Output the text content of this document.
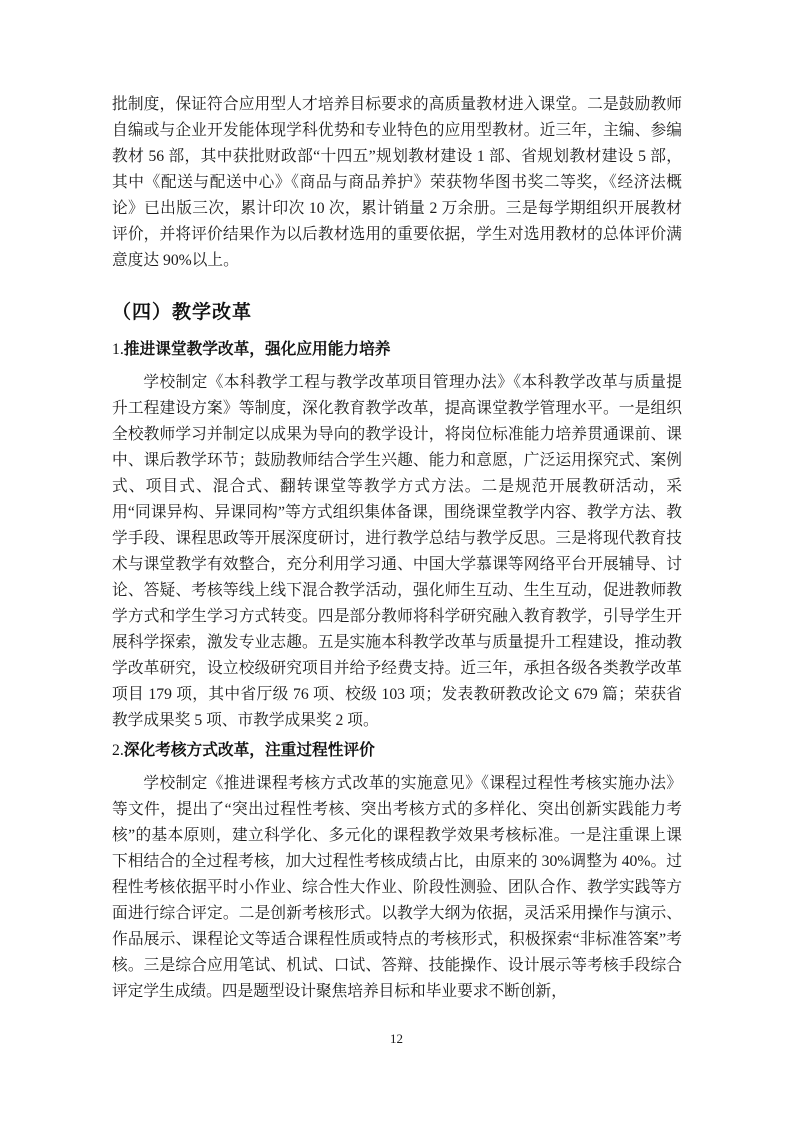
批制度，保证符合应用型人才培养目标要求的高质量教材进入课堂。二是鼓励教师自编或与企业开发能体现学科优势和专业特色的应用型教材。近三年，主编、参编教材 56 部，其中获批财政部“十四五”规划教材建设 1 部、省规划教材建设 5 部，其中《配送与配送中心》《商品与商品养护》荣获物华图书奖二等奖，《经济法概论》已出版三次，累计印次 10 次，累计销量 2 万余册。三是每学期组织开展教材评价，并将评价结果作为以后教材选用的重要依据，学生对选用教材的总体评价满意度达 90%以上。

（四）教学改革
1.推进课堂教学改革，强化应用能力培养

学校制定《本科教学工程与教学改革项目管理办法》《本科教学改革与质量提升工程建设方案》等制度，深化教育教学改革，提高课堂教学管理水平。一是组织全校教师学习并制定以成果为导向的教学设计，将岗位标准能力培养贯通课前、课中、课后教学环节；鼓励教师结合学生兴趣、能力和意愿，广泛运用探究式、案例式、项目式、混合式、翻转课堂等教学方式方法。二是规范开展教研活动，采用“同课异构、异课同构”等方式组织集体备课，围绕课堂教学内容、教学方法、教学手段、课程思政等开展深度研讨，进行教学总结与教学反思。三是将现代教育技术与课堂教学有效整合，充分利用学习通、中国大学慕课等网络平台开展辅导、讨论、答疑、考核等线上线下混合教学活动，强化师生互动、生生互动，促进教师教学方式和学生学习方式转变。四是部分教师将科学研究融入教育教学，引导学生开展科学探索，激发专业志趣。五是实施本科教学改革与质量提升工程建设，推动教学改革研究，设立校级研究项目并给予经费支持。近三年，承担各级各类教学改革项目 179 项，其中省厅级 76 项、校级 103 项；发表教研教改论文 679 篇；荣获省教学成果奖 5 项、市教学成果奖 2 项。

2.深化考核方式改革，注重过程性评价

学校制定《推进课程考核方式改革的实施意见》《课程过程性考核实施办法》等文件，提出了“突出过程性考核、突出考核方式的多样化、突出创新实践能力考核”的基本原则，建立科学化、多元化的课程教学效果考核标准。一是注重课上课下相结合的全过程考核，加大过程性考核成绩占比，由原来的 30%调整为 40%。过程性考核依据平时小作业、综合性大作业、阶段性测验、团队合作、教学实践等方面进行综合评定。二是创新考核形式。以教学大纲为依据，灵活采用操作与演示、作品展示、课程论文等适合课程性质或特点的考核形式，积极探索“非标准答案”考核。三是综合应用笔试、机试、口试、答辩、技能操作、设计展示等考核手段综合评定学生成绩。四是题型设计聚焦培养目标和毕业要求不断创新，

12
